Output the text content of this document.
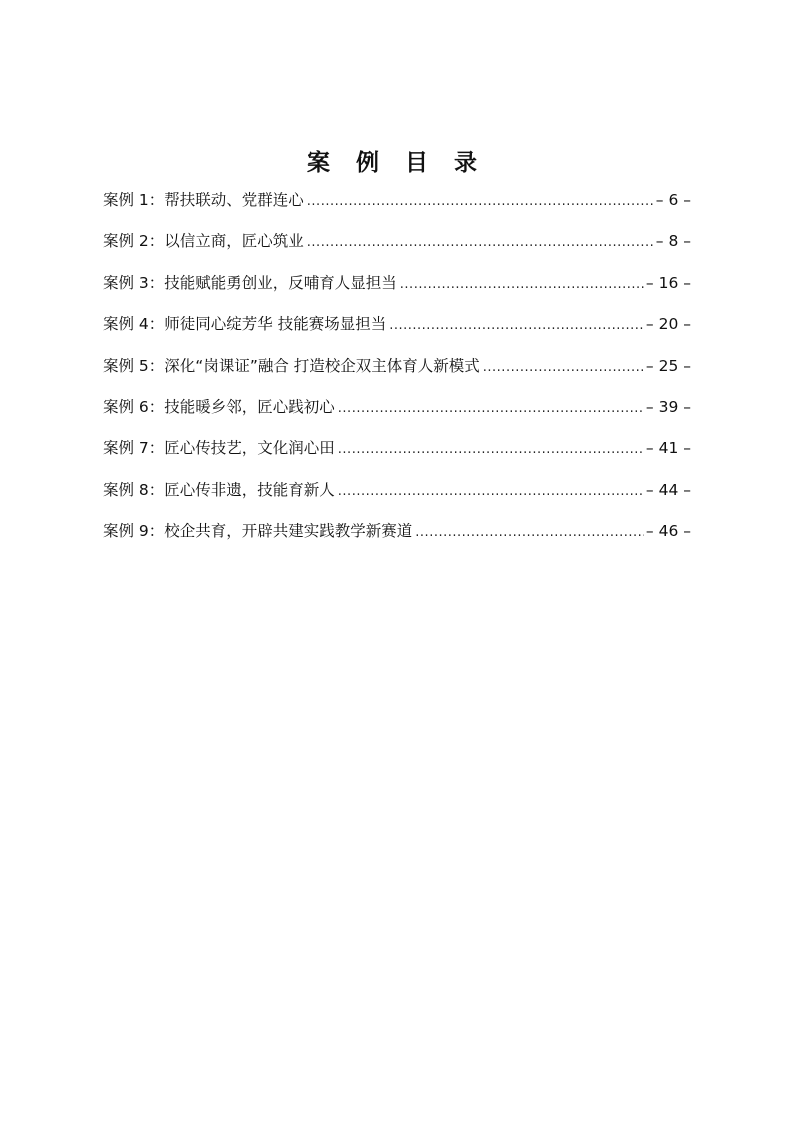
案 例 目 录
案例 1：帮扶联动、党群连心 .....	– 6 –
案例 2：以信立商，匠心筑业 .....	– 8 –
案例 3：技能赋能勇创业，反哺育人显担当 .....	– 16 –
案例 4：师徒同心绽芳华 技能赛场显担当 .....	– 20 –
案例 5：深化“岗课证”融合 打造校企双主体育人新模式 .....	– 25 –
案例 6：技能暖乡邻，匠心践初心 .....	– 39 –
案例 7：匠心传技艺，文化润心田 .....	– 41 –
案例 8：匠心传非遗，技能育新人 .....	– 44 –
案例 9：校企共育，开辟共建实践教学新赛道 .....	– 46 –
